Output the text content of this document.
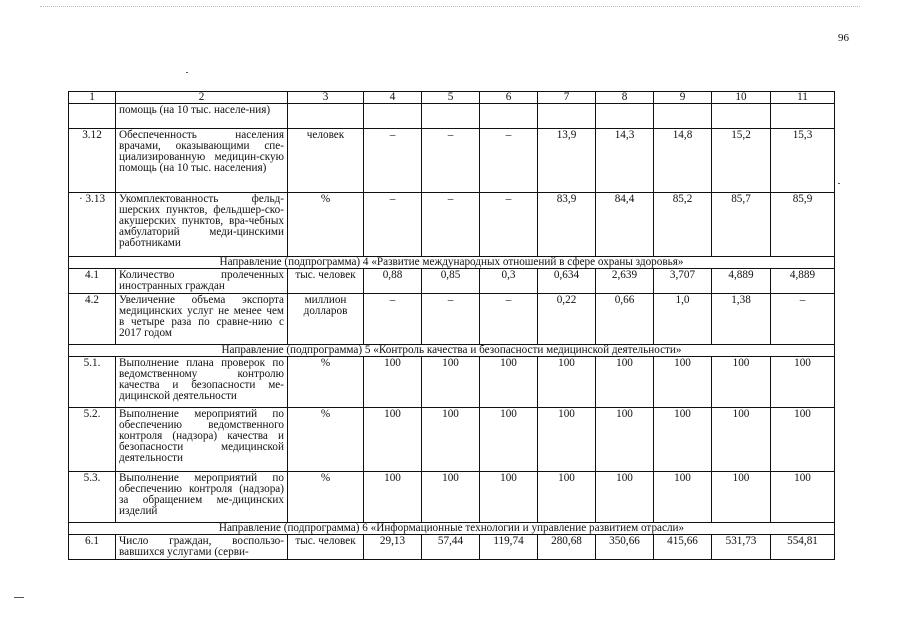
96
1	2	3	4	5	6	7	8	9	10	11
	помощь (на 10 тыс. населе-ния)									
3.12	Обеспеченность населения врачами, оказывающими спе-циализированную медицин-скую помощь (на 10 тыс. населения)	человек	–	–	–	13,9	14,3	14,8	15,2	15,3
· 3.13	Укомплектованность фельд-шерских пунктов, фельдшер-ско-акушерских пунктов, вра-чебных амбулаторий меди-цинскими работниками	%	–	–	–	83,9	84,4	85,2	85,7	85,9
Направление (подпрограмма) 4 «Развитие международных отношений в сфере охраны здоровья»										
4.1	Количество пролеченных иностранных граждан	тыс. человек	0,88	0,85	0,3	0,634	2,639	3,707	4,889	4,889
4.2	Увеличение объема экспорта медицинских услуг не менее чем в четыре раза по сравне-нию с 2017 годом	миллион долларов	–	–	–	0,22	0,66	1,0	1,38	–
Направление (подпрограмма) 5 «Контроль качества и безопасности медицинской деятельности»										
5.1.	Выполнение плана проверок по ведомственному контролю качества и безопасности ме-дицинской деятельности	%	100	100	100	100	100	100	100	100
5.2.	Выполнение мероприятий по обеспечению ведомственного контроля (надзора) качества и безопасности медицинской деятельности	%	100	100	100	100	100	100	100	100
5.3.	Выполнение мероприятий по обеспечению контроля (надзора) за обращением ме-дицинских изделий	%	100	100	100	100	100	100	100	100
Направление (подпрограмма) 6 «Информационные технологии и управление развитием отрасли»										
6.1	Число граждан, воспользо-вавшихся услугами (серви-	тыс. человек	29,13	57,44	119,74	280,68	350,66	415,66	531,73	554,81
